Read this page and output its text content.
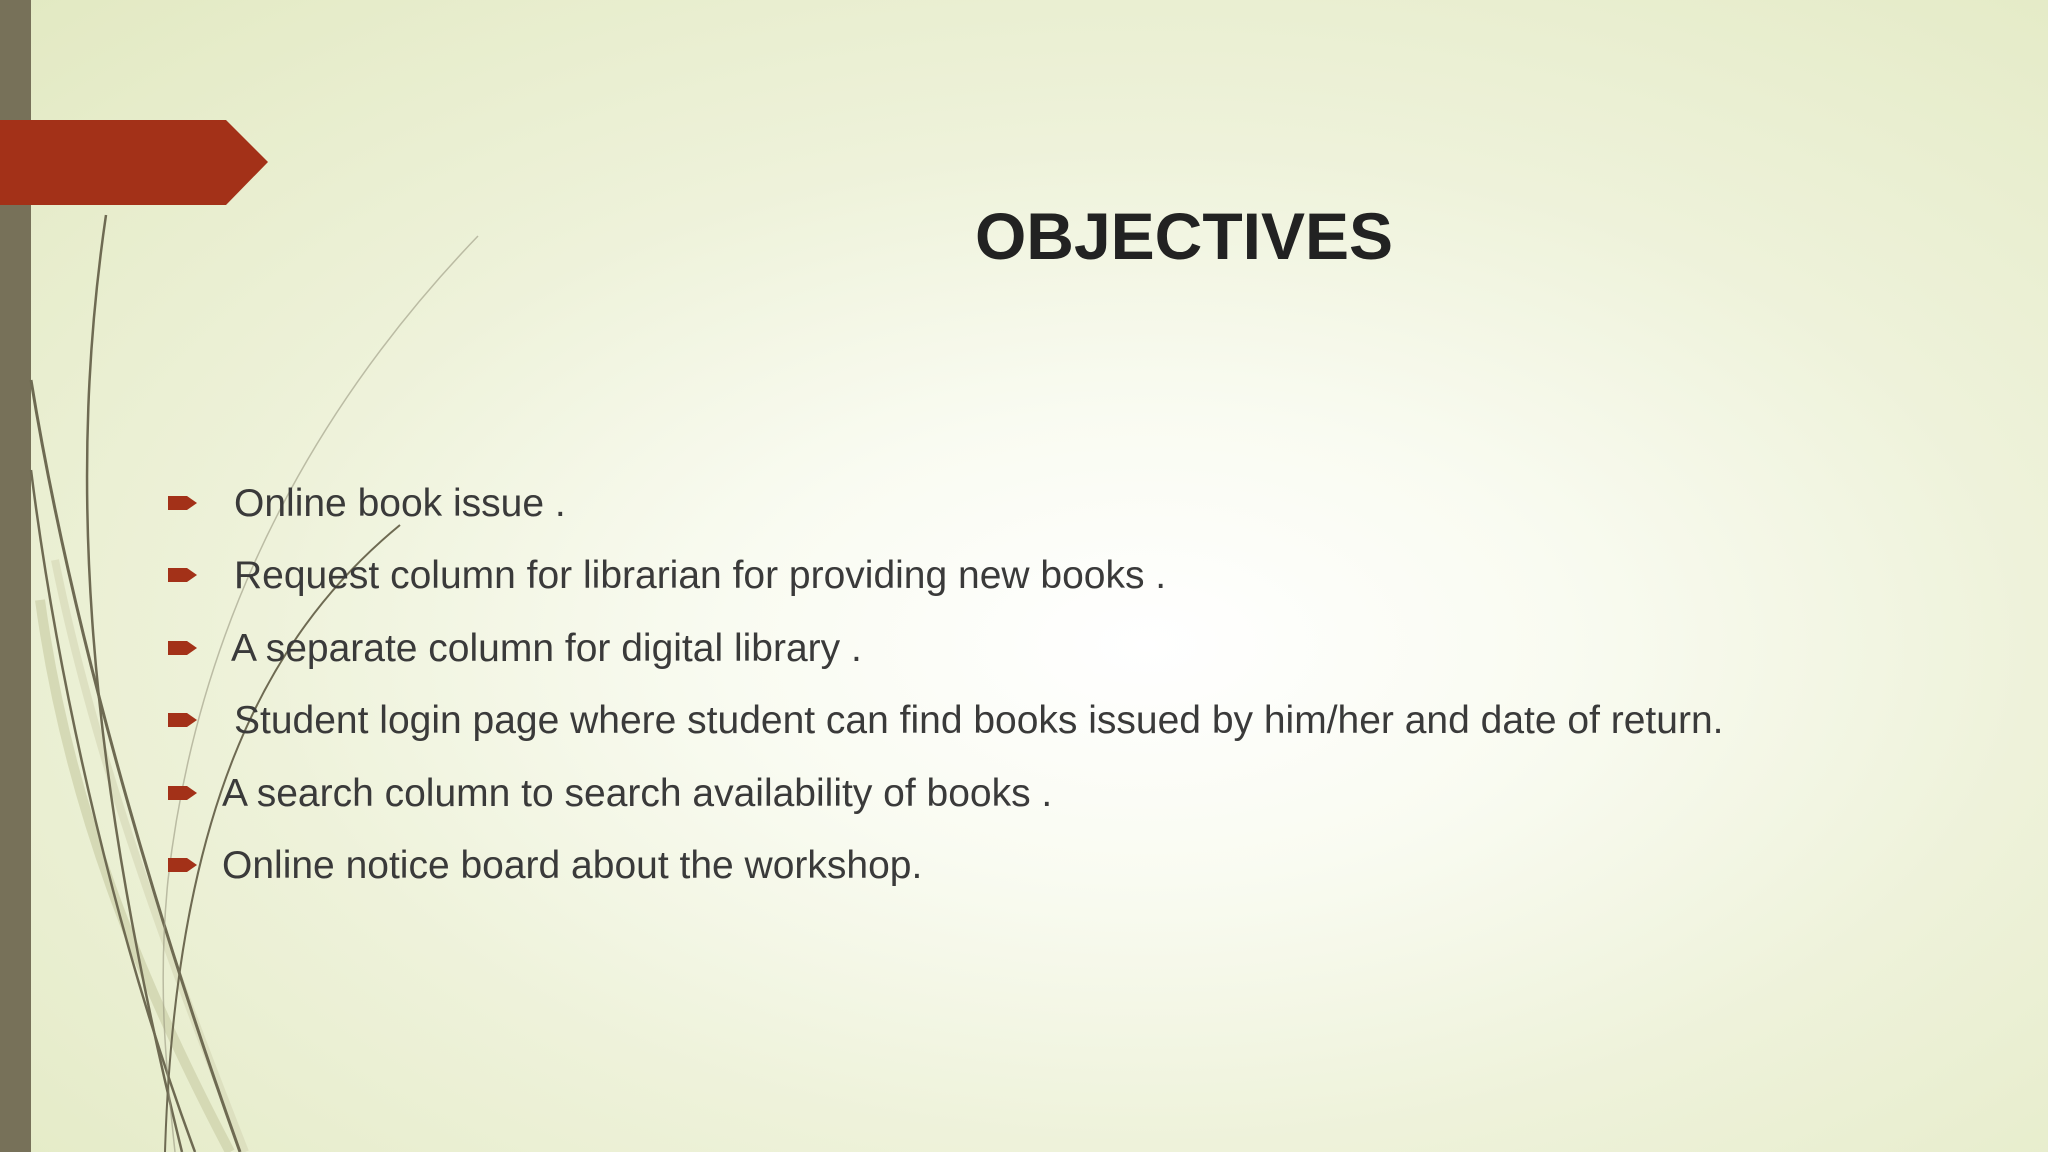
OBJECTIVES
Online book issue .
Request column for librarian for providing new books .
A separate column for digital library .
Student login page where student can find books issued by him/her and date of return.
A search column to search availability of books .
Online notice board about the workshop.
